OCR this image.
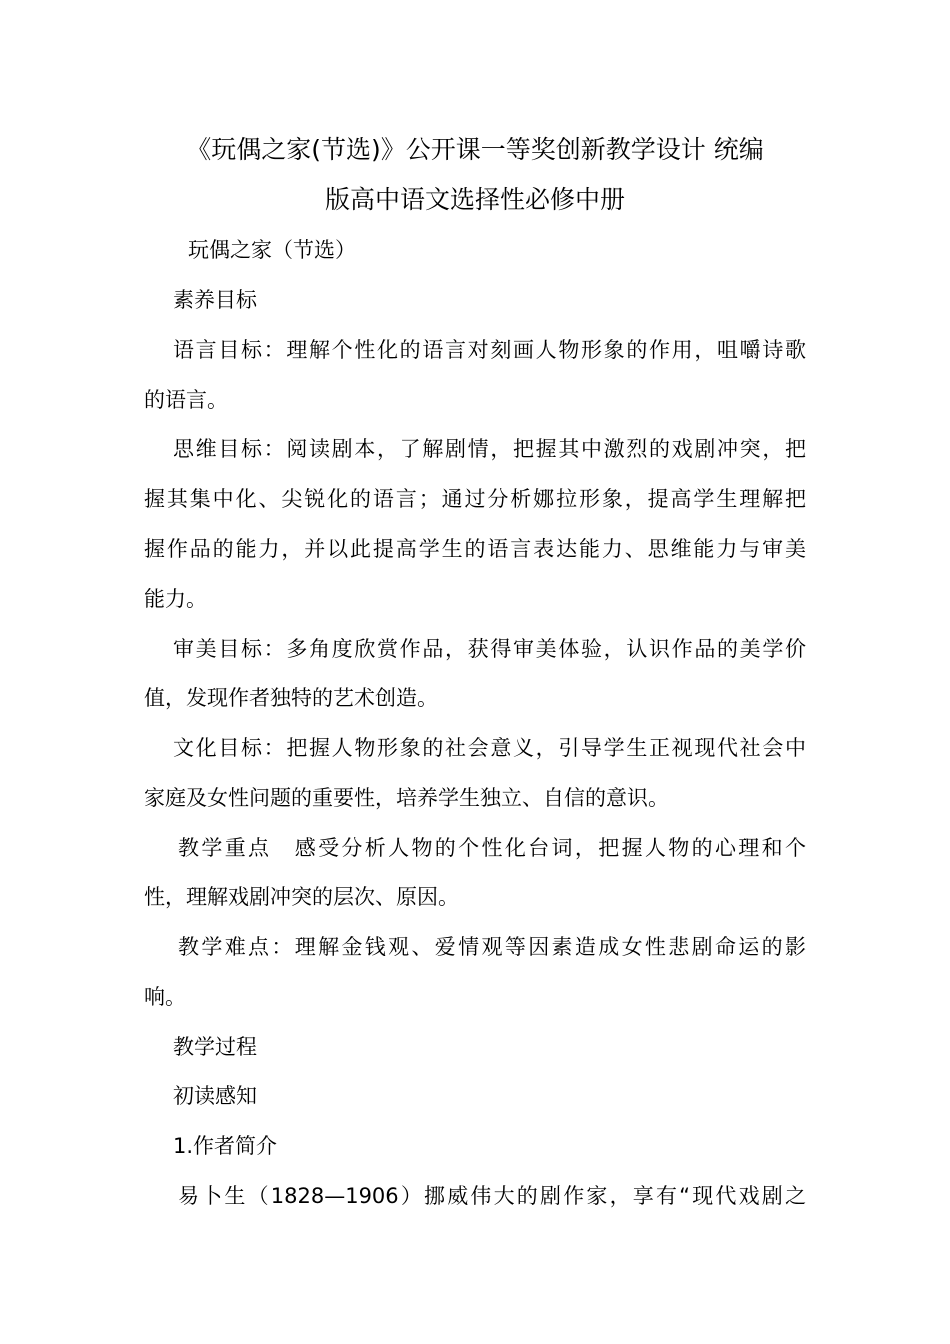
《玩偶之家(节选)》公开课一等奖创新教学设计 统编
版高中语文选择性必修中册
玩偶之家（节选）
素养目标
语言目标：理解个性化的语言对刻画人物形象的作用，咀嚼诗歌
的语言。
思维目标：阅读剧本，了解剧情，把握其中激烈的戏剧冲突，把
握其集中化、尖锐化的语言；通过分析娜拉形象，提高学生理解把
握作品的能力，并以此提高学生的语言表达能力、思维能力与审美
能力。
审美目标：多角度欣赏作品，获得审美体验，认识作品的美学价
值，发现作者独特的艺术创造。
文化目标：把握人物形象的社会意义，引导学生正视现代社会中
家庭及女性问题的重要性，培养学生独立、自信的意识。
教学重点　感受分析人物的个性化台词，把握人物的心理和个
性，理解戏剧冲突的层次、原因。
教学难点：理解金钱观、爱情观等因素造成女性悲剧命运的影
响。
教学过程
初读感知
1.作者简介
易卜生（1828—1906）挪威伟大的剧作家，享有“现代戏剧之
